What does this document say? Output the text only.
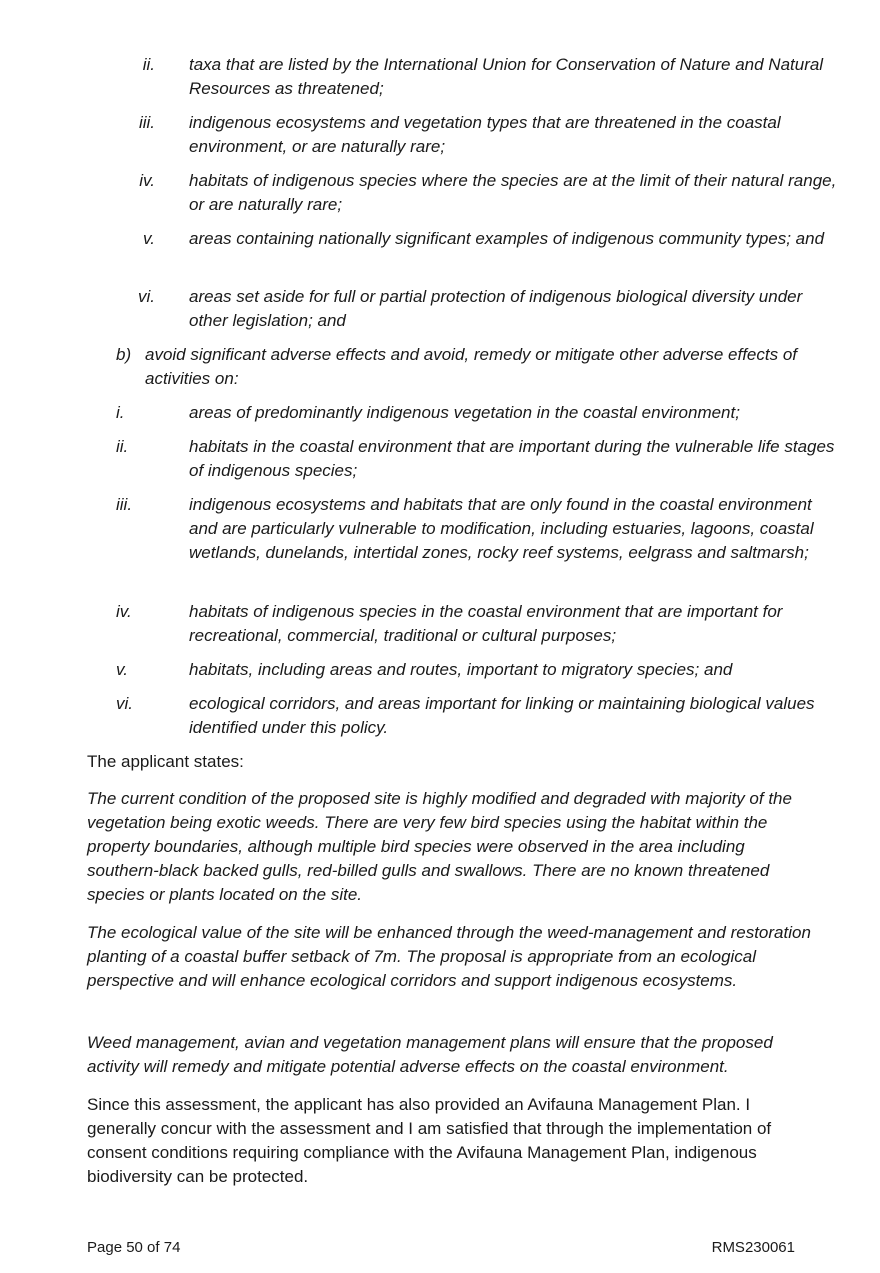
ii. taxa that are listed by the International Union for Conservation of Nature and Natural Resources as threatened;
iii. indigenous ecosystems and vegetation types that are threatened in the coastal environment, or are naturally rare;
iv. habitats of indigenous species where the species are at the limit of their natural range, or are naturally rare;
v. areas containing nationally significant examples of indigenous community types; and
vi. areas set aside for full or partial protection of indigenous biological diversity under other legislation; and
b) avoid significant adverse effects and avoid, remedy or mitigate other adverse effects of activities on:
i.	areas of predominantly indigenous vegetation in the coastal environment;
ii.	habitats in the coastal environment that are important during the vulnerable life stages of indigenous species;
iii.	indigenous ecosystems and habitats that are only found in the coastal environment and are particularly vulnerable to modification, including estuaries, lagoons, coastal wetlands, dunelands, intertidal zones, rocky reef systems, eelgrass and saltmarsh;
iv.	habitats of indigenous species in the coastal environment that are important for recreational, commercial, traditional or cultural purposes;
v.	habitats, including areas and routes, important to migratory species; and
vi.	ecological corridors, and areas important for linking or maintaining biological values identified under this policy.

The applicant states:

The current condition of the proposed site is highly modified and degraded with majority of the vegetation being exotic weeds. There are very few bird species using the habitat within the property boundaries, although multiple bird species were observed in the area including southern-black backed gulls, red-billed gulls and swallows. There are no known threatened species or plants located on the site.

The ecological value of the site will be enhanced through the weed-management and restoration planting of a coastal buffer setback of 7m. The proposal is appropriate from an ecological perspective and will enhance ecological corridors and support indigenous ecosystems.

Weed management, avian and vegetation management plans will ensure that the proposed activity will remedy and mitigate potential adverse effects on the coastal environment.

Since this assessment, the applicant has also provided an Avifauna Management Plan. I generally concur with the assessment and I am satisfied that through the implementation of consent conditions requiring compliance with the Avifauna Management Plan, indigenous biodiversity can be protected.

Page 50 of 74	RMS230061
